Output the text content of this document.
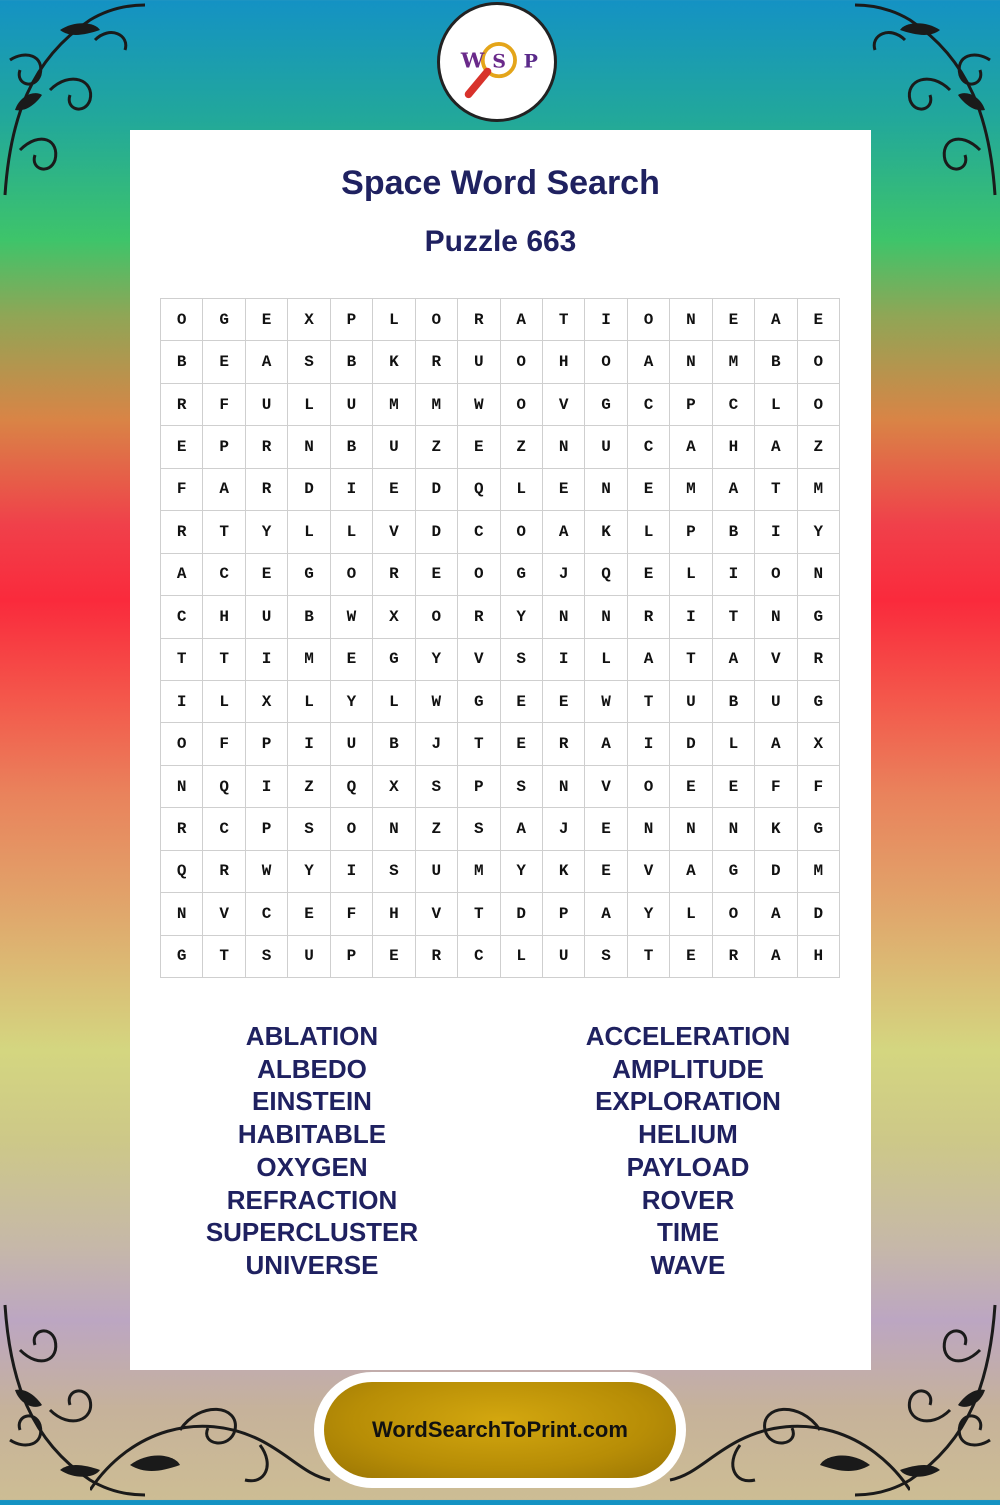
W S P
Space Word Search
Puzzle 663
O	G	E	X	P	L	O	R	A	T	I	O	N	E	A	E
B	E	A	S	B	K	R	U	O	H	O	A	N	M	B	O
R	F	U	L	U	M	M	W	O	V	G	C	P	C	L	O
E	P	R	N	B	U	Z	E	Z	N	U	C	A	H	A	Z
F	A	R	D	I	E	D	Q	L	E	N	E	M	A	T	M
R	T	Y	L	L	V	D	C	O	A	K	L	P	B	I	Y
A	C	E	G	O	R	E	O	G	J	Q	E	L	I	O	N
C	H	U	B	W	X	O	R	Y	N	N	R	I	T	N	G
T	T	I	M	E	G	Y	V	S	I	L	A	T	A	V	R
I	L	X	L	Y	L	W	G	E	E	W	T	U	B	U	G
O	F	P	I	U	B	J	T	E	R	A	I	D	L	A	X
N	Q	I	Z	Q	X	S	P	S	N	V	O	E	E	F	F
R	C	P	S	O	N	Z	S	A	J	E	N	N	N	K	G
Q	R	W	Y	I	S	U	M	Y	K	E	V	A	G	D	M
N	V	C	E	F	H	V	T	D	P	A	Y	L	O	A	D
G	T	S	U	P	E	R	C	L	U	S	T	E	R	A	H
ABLATION
ALBEDO
EINSTEIN
HABITABLE
OXYGEN
REFRACTION
SUPERCLUSTER
UNIVERSE
ACCELERATION
AMPLITUDE
EXPLORATION
HELIUM
PAYLOAD
ROVER
TIME
WAVE
WordSearchToPrint.com
